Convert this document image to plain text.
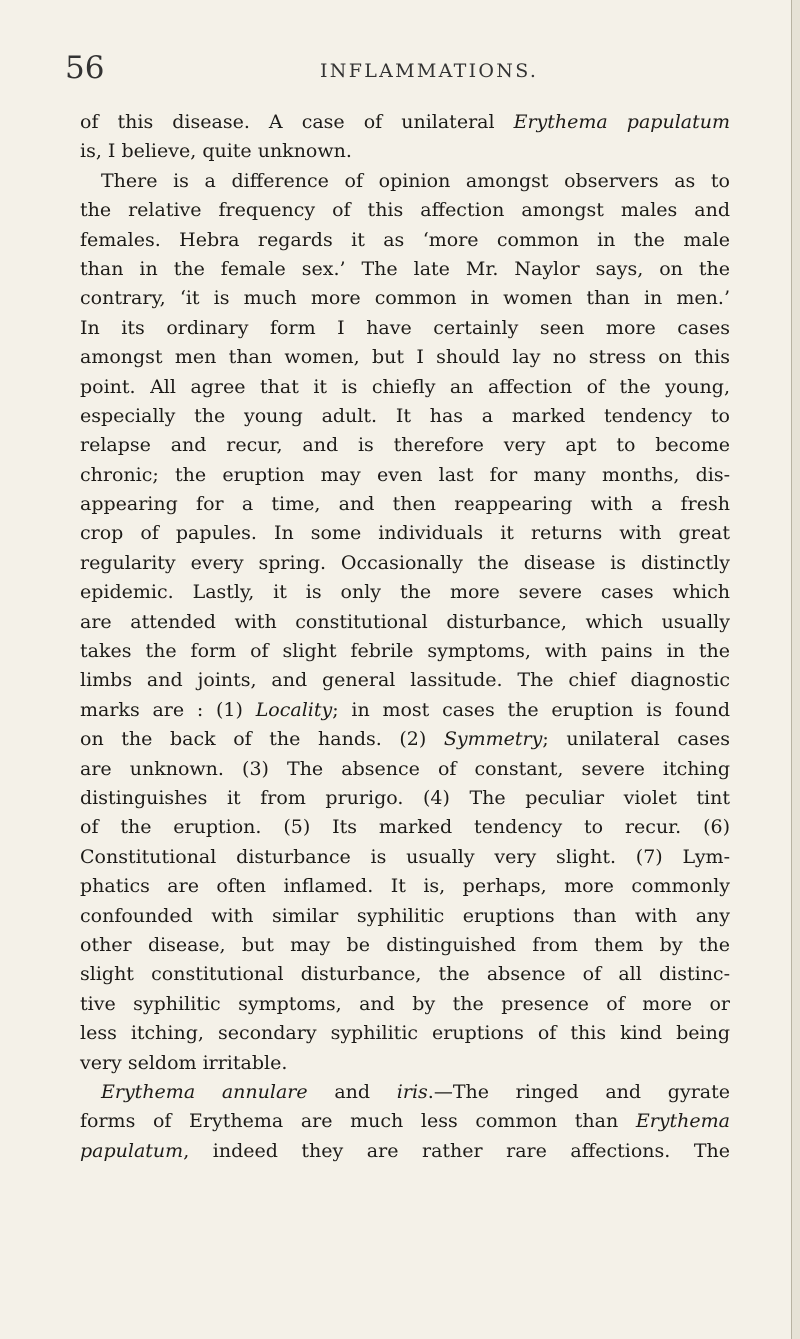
56	INFLAMMATIONS.
of this disease. A case of unilateral Erythema papulatum
is, I believe, quite unknown.
There is a difference of opinion amongst observers as to
the relative frequency of this affection amongst males and
females. Hebra regards it as ‘more common in the male
than in the female sex.’ The late Mr. Naylor says, on the
contrary, ‘it is much more common in women than in men.’
In its ordinary form I have certainly seen more cases
amongst men than women, but I should lay no stress on this
point. All agree that it is chiefly an affection of the young,
especially the young adult. It has a marked tendency to
relapse and recur, and is therefore very apt to become
chronic; the eruption may even last for many months, dis-
appearing for a time, and then reappearing with a fresh
crop of papules. In some individuals it returns with great
regularity every spring. Occasionally the disease is distinctly
epidemic. Lastly, it is only the more severe cases which
are attended with constitutional disturbance, which usually
takes the form of slight febrile symptoms, with pains in the
limbs and joints, and general lassitude. The chief diagnostic
marks are : (1) Locality; in most cases the eruption is found
on the back of the hands. (2) Symmetry; unilateral cases
are unknown. (3) The absence of constant, severe itching
distinguishes it from prurigo. (4) The peculiar violet tint
of the eruption. (5) Its marked tendency to recur. (6)
Constitutional disturbance is usually very slight. (7) Lym-
phatics are often inflamed. It is, perhaps, more commonly
confounded with similar syphilitic eruptions than with any
other disease, but may be distinguished from them by the
slight constitutional disturbance, the absence of all distinc-
tive syphilitic symptoms, and by the presence of more or
less itching, secondary syphilitic eruptions of this kind being
very seldom irritable.
Erythema annulare and iris.—The ringed and gyrate
forms of Erythema are much less common than Erythema
papulatum, indeed they are rather rare affections. The
